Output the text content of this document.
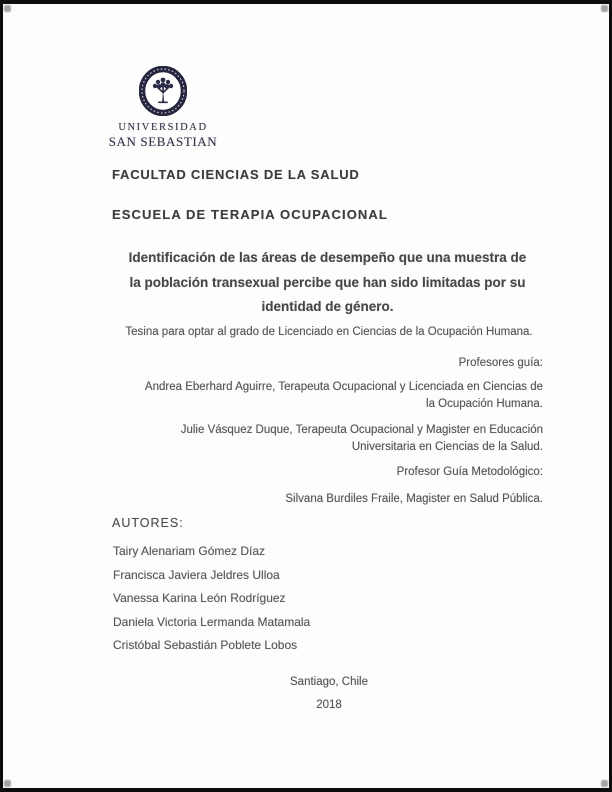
UNIVERSIDAD
SAN SEBASTIAN
FACULTAD CIENCIAS DE LA SALUD
ESCUELA DE TERAPIA OCUPACIONAL
Identificación de las áreas de desempeño que una muestra de
la población transexual percibe que han sido limitadas por su
identidad de género.
Tesina para optar al grado de Licenciado en Ciencias de la Ocupación Humana.
Profesores guía:
Andrea Eberhard Aguirre, Terapeuta Ocupacional y Licenciada en Ciencias de
la Ocupación Humana.
Julie Vásquez Duque, Terapeuta Ocupacional y Magister en Educación
Universitaria en Ciencias de la Salud.
Profesor Guía Metodológico:
Silvana Burdiles Fraile, Magister en Salud Pública.
AUTORES:
Tairy Alenariam Gómez Díaz
Francisca Javiera Jeldres Ulloa
Vanessa Karina León Rodríguez
Daniela Victoria Lermanda Matamala
Cristóbal Sebastián Poblete Lobos
Santiago, Chile
2018
